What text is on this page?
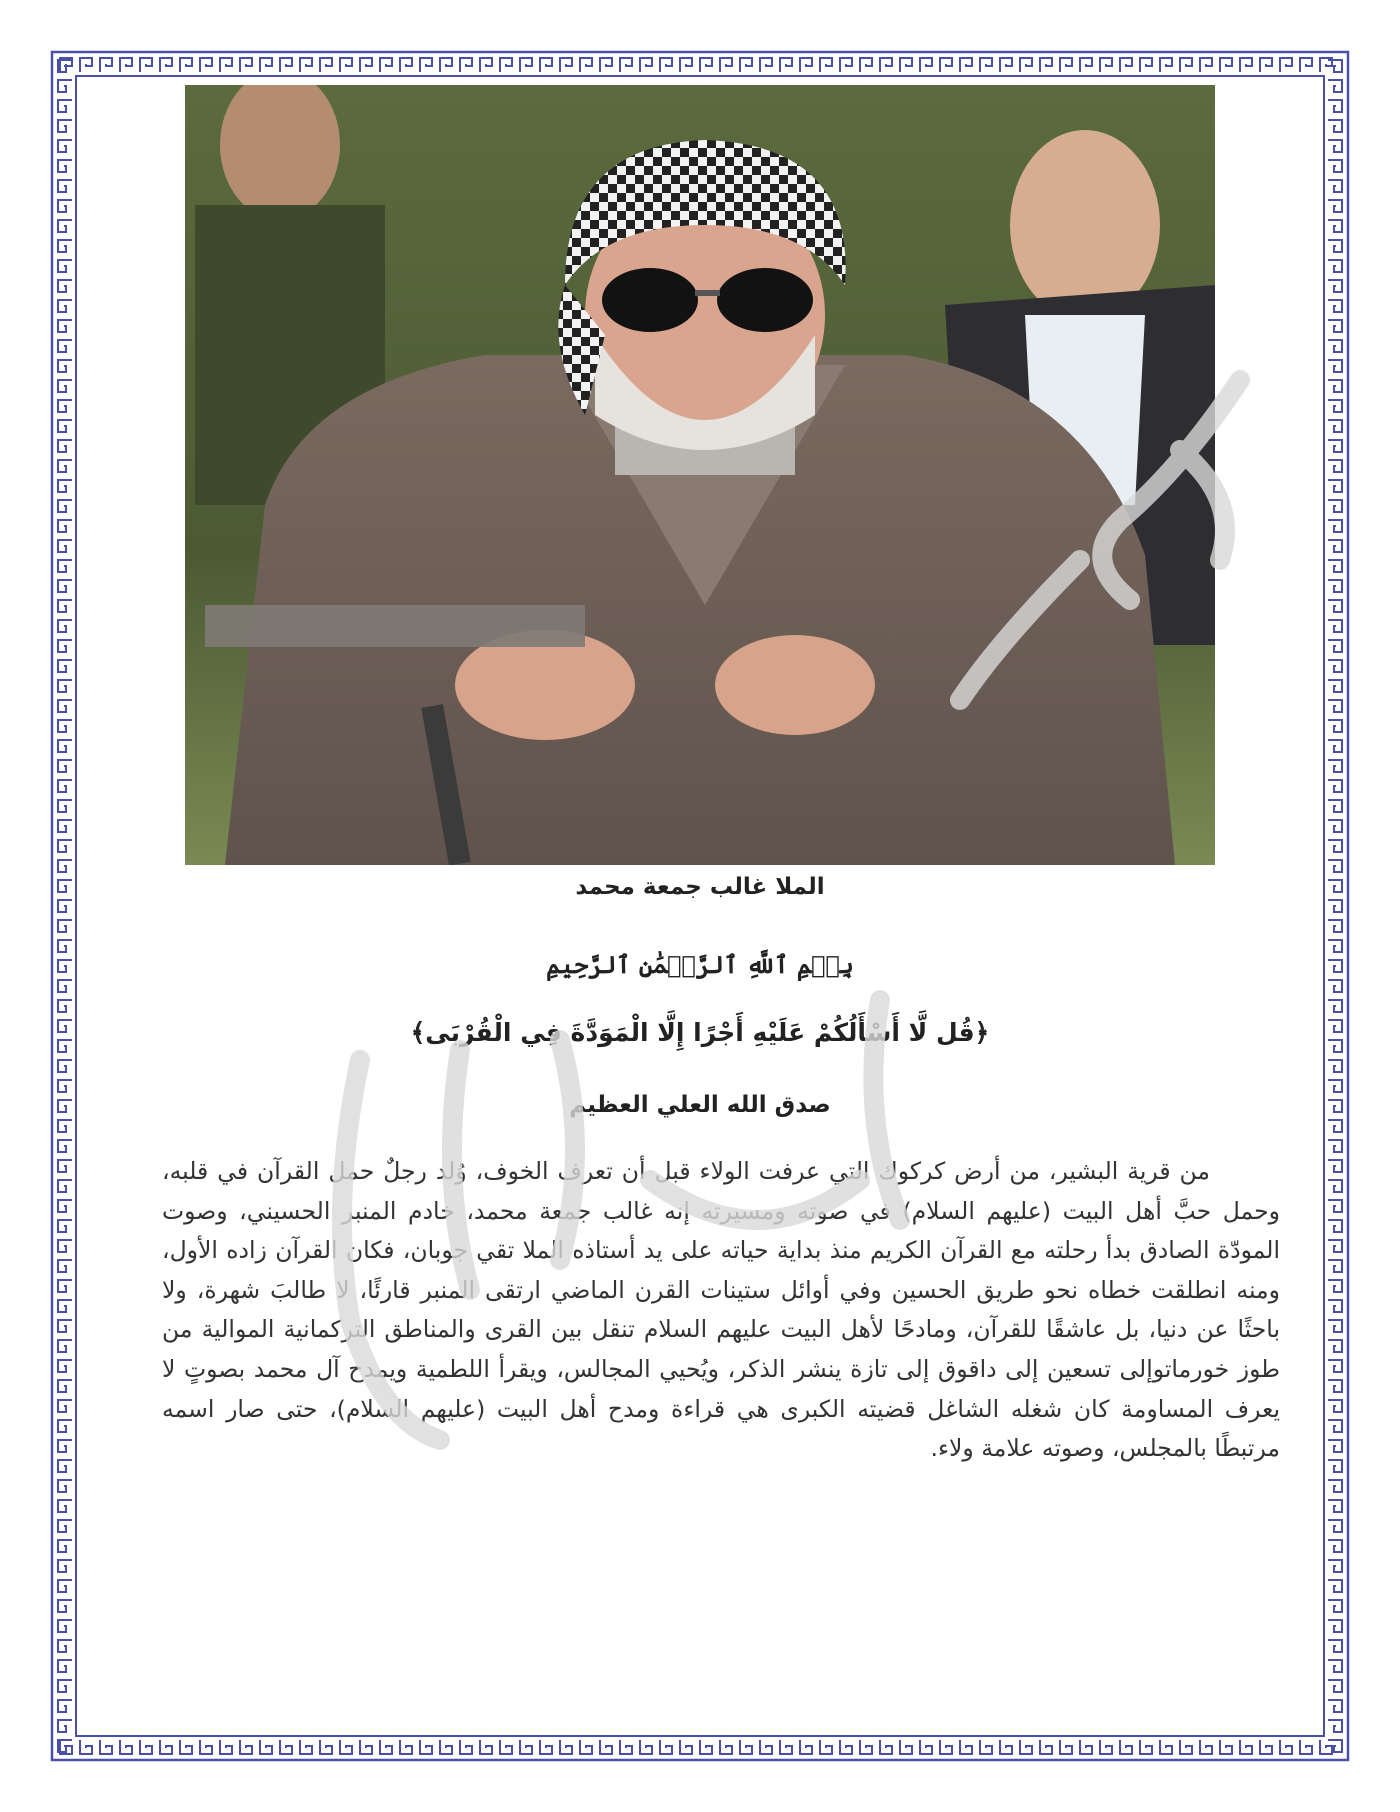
الملا غالب جمعة محمد
بِسۡمِ ٱللَّهِ ٱلرَّحۡمَٰنِ ٱلرَّحِيمِ
﴿قُل لَّا أَسْأَلُكُمْ عَلَيْهِ أَجْرًا إِلَّا الْمَوَدَّةَ فِي الْقُرْبَى﴾
صدق الله العلي العظيم

من قرية البشير، من أرض كركوك التي عرفت الولاء قبل أن تعرف الخوف، وُلد رجلٌ حمل القرآن في قلبه، وحمل حبَّ أهل البيت (عليهم السلام) في صوته ومسيرته إنه غالب جمعة محمد، خادم المنبر الحسيني، وصوت المودّة الصادق بدأ رحلته مع القرآن الكريم منذ بداية حياته على يد أستاذه الملا تقي جوبان، فكان القرآن زاده الأول، ومنه انطلقت خطاه نحو طريق الحسين وفي أوائل ستينات القرن الماضي ارتقى المنبر قارئًا، لا طالبَ شهرة، ولا باحثًا عن دنيا، بل عاشقًا للقرآن، ومادحًا لأهل البيت عليهم السلام تنقل بين القرى والمناطق التركمانية الموالية من طوز خورماتوإلى تسعين إلى داقوق إلى تازة ينشر الذكر، ويُحيي المجالس، ويقرأ اللطمية ويمدح آل محمد بصوتٍ لا يعرف المساومة كان شغله الشاغل قضيته الكبرى هي قراءة ومدح أهل البيت (عليهم السلام)، حتى صار اسمه مرتبطًا بالمجلس، وصوته علامة ولاء.
